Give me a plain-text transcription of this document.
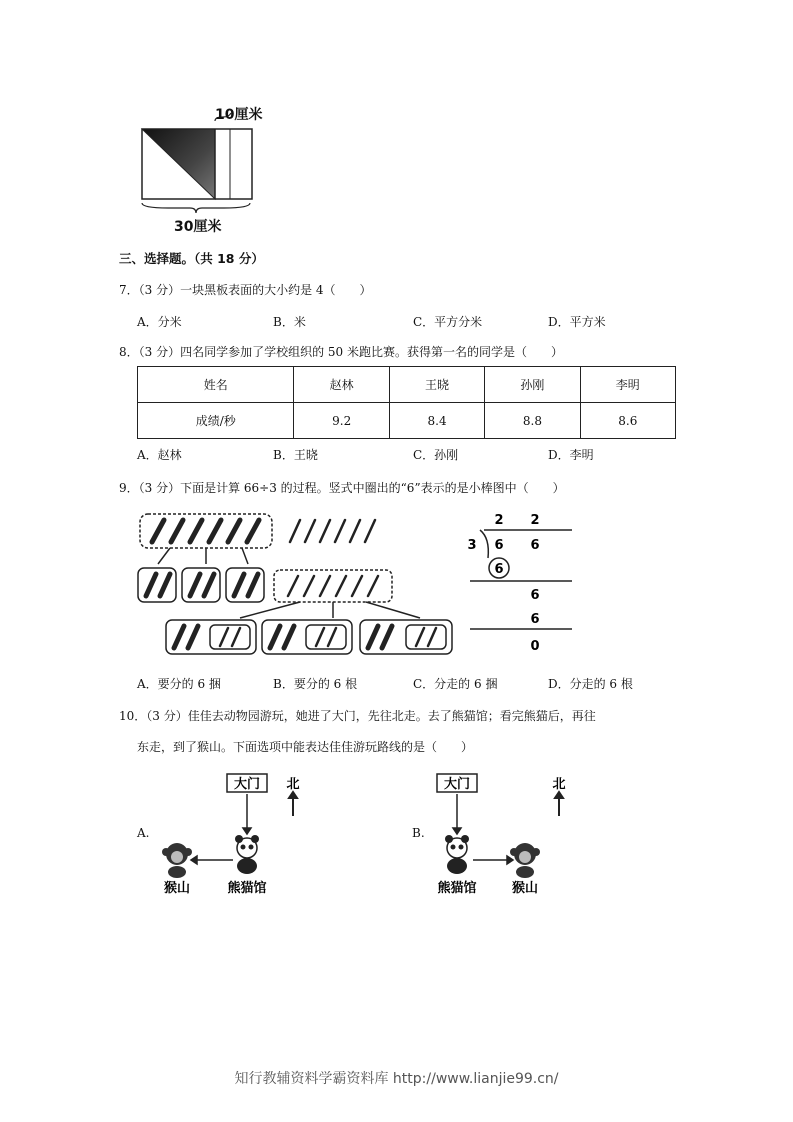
10厘米
30厘米
三、选择题。（共 18 分）
7．（3 分）一块黑板表面的大小约是 4（　　）
A．分米	B．米	C．平方分米	D．平方米
8．（3 分）四名同学参加了学校组织的 50 米跑比赛。获得第一名的同学是（　　）
姓名	赵林	王晓	孙刚	李明
成绩/秒	9.2	8.4	8.8	8.6
A．赵林	B．王晓	C．孙刚	D．李明
9．（3 分）下面是计算 66÷3 的过程。竖式中圈出的“6”表示的是小棒图中（　　）
2 2
3 6 6
6
6
6
0
A．要分的 6 捆	B．要分的 6 根	C．分走的 6 捆	D．分走的 6 根
10．（3 分）佳佳去动物园游玩，她进了大门，先往北走。去了熊猫馆；看完熊猫后，再往
东走，到了猴山。下面选项中能表达佳佳游玩路线的是（　　）
A.
大门 北
猴山	熊猫馆
B.
大门	北
熊猫馆	猴山
知行教辅资料学霸资料库 http://www.lianjie99.cn/
